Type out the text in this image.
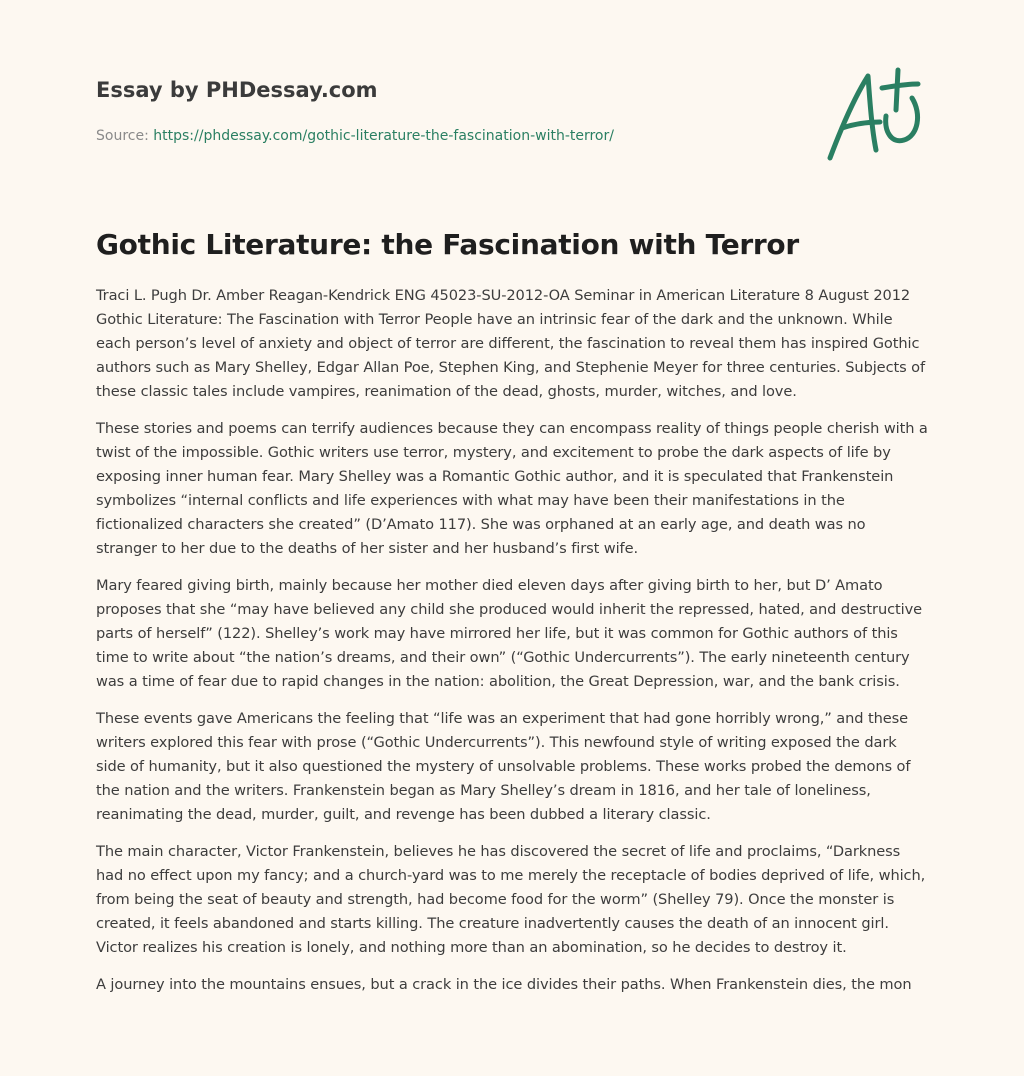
Essay by PHDessay.com
Source: https://phdessay.com/gothic-literature-the-fascination-with-terror/
Gothic Literature: the Fascination with Terror

Traci L. Pugh Dr. Amber Reagan-Kendrick ENG 45023-SU-2012-OA Seminar in American Literature 8 August 2012 Gothic Literature: The Fascination with Terror People have an intrinsic fear of the dark and the unknown. While each person’s level of anxiety and object of terror are different, the fascination to reveal them has inspired Gothic authors such as Mary Shelley, Edgar Allan Poe, Stephen King, and Stephenie Meyer for three centuries. Subjects of these classic tales include vampires, reanimation of the dead, ghosts, murder, witches, and love.

These stories and poems can terrify audiences because they can encompass reality of things people cherish with a twist of the impossible. Gothic writers use terror, mystery, and excitement to probe the dark aspects of life by exposing inner human fear. Mary Shelley was a Romantic Gothic author, and it is speculated that Frankenstein symbolizes “internal conflicts and life experiences with what may have been their manifestations in the fictionalized characters she created” (D’Amato 117). She was orphaned at an early age, and death was no stranger to her due to the deaths of her sister and her husband’s first wife.

Mary feared giving birth, mainly because her mother died eleven days after giving birth to her, but D’ Amato proposes that she “may have believed any child she produced would inherit the repressed, hated, and destructive parts of herself” (122). Shelley’s work may have mirrored her life, but it was common for Gothic authors of this time to write about “the nation’s dreams, and their own” (“Gothic Undercurrents”). The early nineteenth century was a time of fear due to rapid changes in the nation: abolition, the Great Depression, war, and the bank crisis.

These events gave Americans the feeling that “life was an experiment that had gone horribly wrong,” and these writers explored this fear with prose (“Gothic Undercurrents”). This newfound style of writing exposed the dark side of humanity, but it also questioned the mystery of unsolvable problems. These works probed the demons of the nation and the writers. Frankenstein began as Mary Shelley’s dream in 1816, and her tale of loneliness, reanimating the dead, murder, guilt, and revenge has been dubbed a literary classic.

The main character, Victor Frankenstein, believes he has discovered the secret of life and proclaims, “Darkness had no effect upon my fancy; and a church-yard was to me merely the receptacle of bodies deprived of life, which, from being the seat of beauty and strength, had become food for the worm” (Shelley 79). Once the monster is created, it feels abandoned and starts killing. The creature inadvertently causes the death of an innocent girl. Victor realizes his creation is lonely, and nothing more than an abomination, so he decides to destroy it.

A journey into the mountains ensues, but a crack in the ice divides their paths. When Frankenstein dies, the mon
